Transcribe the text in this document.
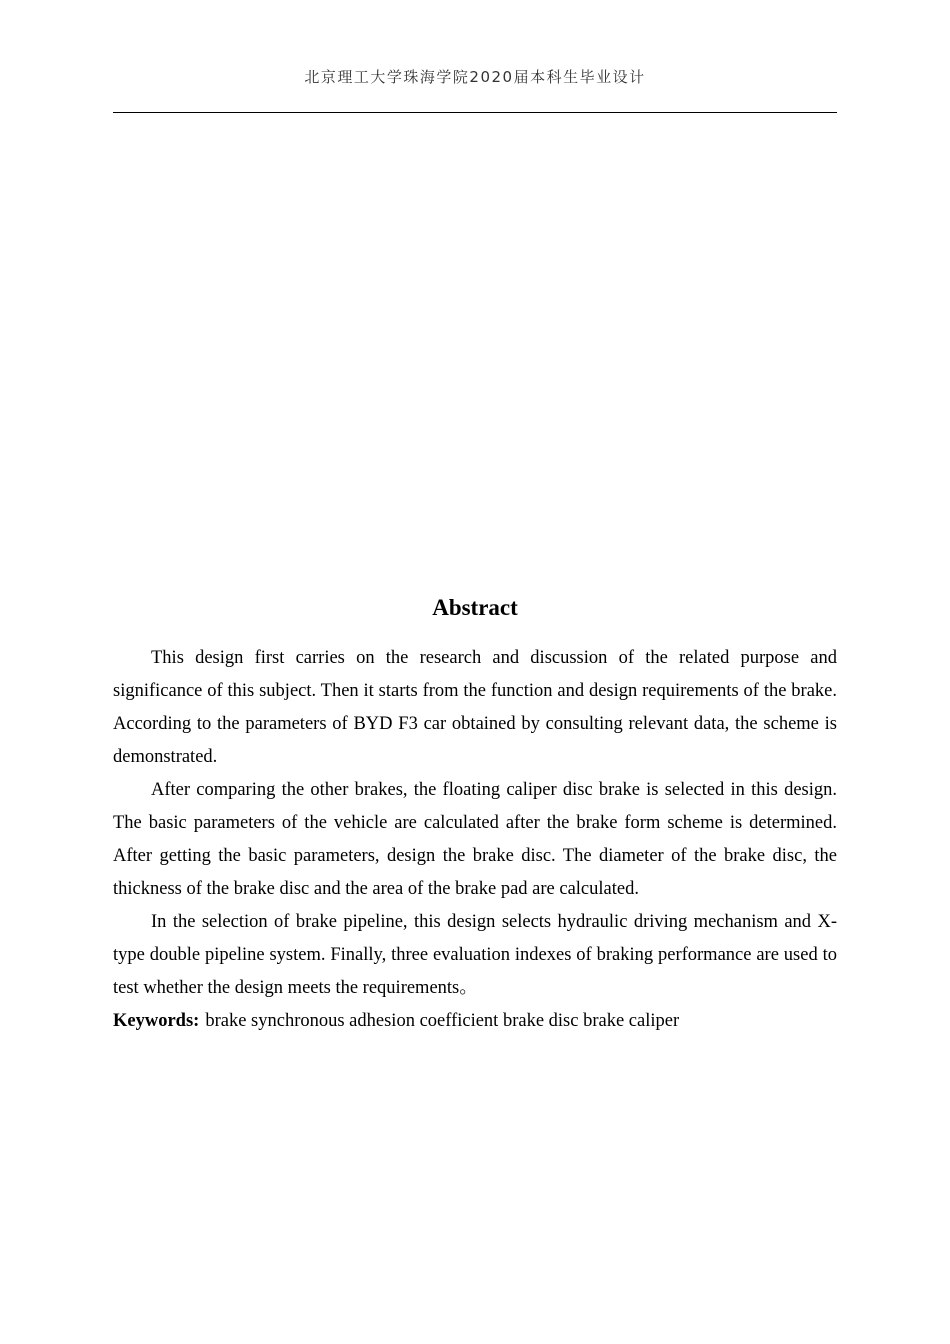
北京理工大学珠海学院2020届本科生毕业设计
Abstract

This design first carries on the research and discussion of the related purpose and significance of this subject. Then it starts from the function and design requirements of the brake. According to the parameters of BYD F3 car obtained by consulting relevant data, the scheme is demonstrated.

After comparing the other brakes, the floating caliper disc brake is selected in this design. The basic parameters of the vehicle are calculated after the brake form scheme is determined. After getting the basic parameters, design the brake disc. The diameter of the brake disc, the thickness of the brake disc and the area of the brake pad are calculated.

In the selection of brake pipeline, this design selects hydraulic driving mechanism and X-type double pipeline system. Finally, three evaluation indexes of braking performance are used to test whether the design meets the requirements。

Keywords: brake synchronous adhesion coefficient brake disc brake caliper
